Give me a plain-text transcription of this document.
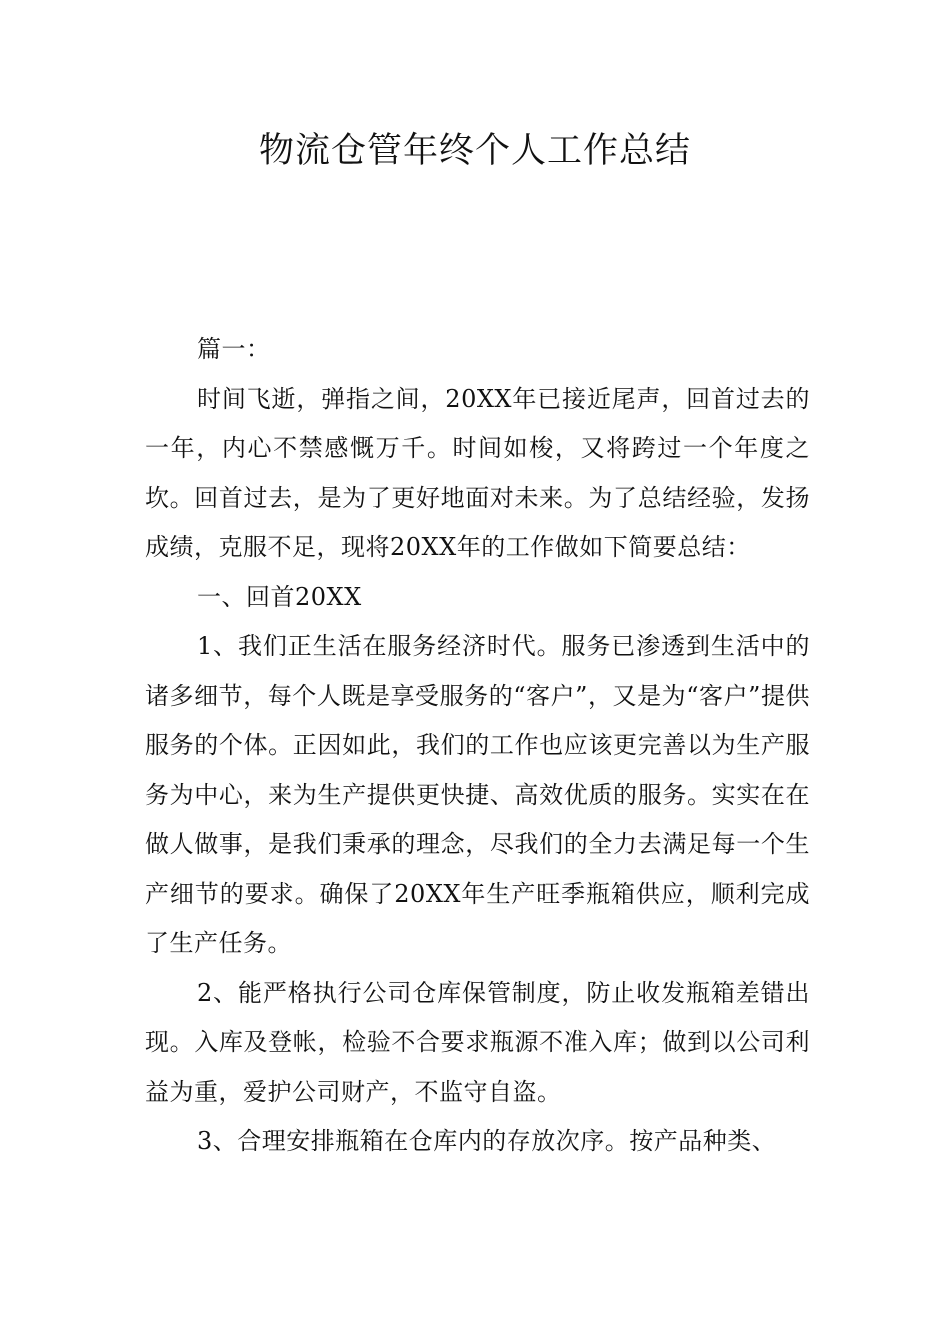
物流仓管年终个人工作总结

篇一：

时间飞逝，弹指之间，20XX年已接近尾声，回首过去的一年，内心不禁感慨万千。时间如梭，又将跨过一个年度之坎。回首过去，是为了更好地面对未来。为了总结经验，发扬成绩，克服不足，现将20XX年的工作做如下简要总结：

一、回首20XX

1、我们正生活在服务经济时代。服务已渗透到生活中的诸多细节，每个人既是享受服务的“客户”，又是为“客户”提供服务的个体。正因如此，我们的工作也应该更完善以为生产服务为中心，来为生产提供更快捷、高效优质的服务。实实在在做人做事，是我们秉承的理念，尽我们的全力去满足每一个生产细节的要求。确保了20XX年生产旺季瓶箱供应，顺利完成了生产任务。

2、能严格执行公司仓库保管制度，防止收发瓶箱差错出现。入库及登帐，检验不合要求瓶源不准入库；做到以公司利益为重，爱护公司财产，不监守自盗。

3、合理安排瓶箱在仓库内的存放次序。按产品种类、
